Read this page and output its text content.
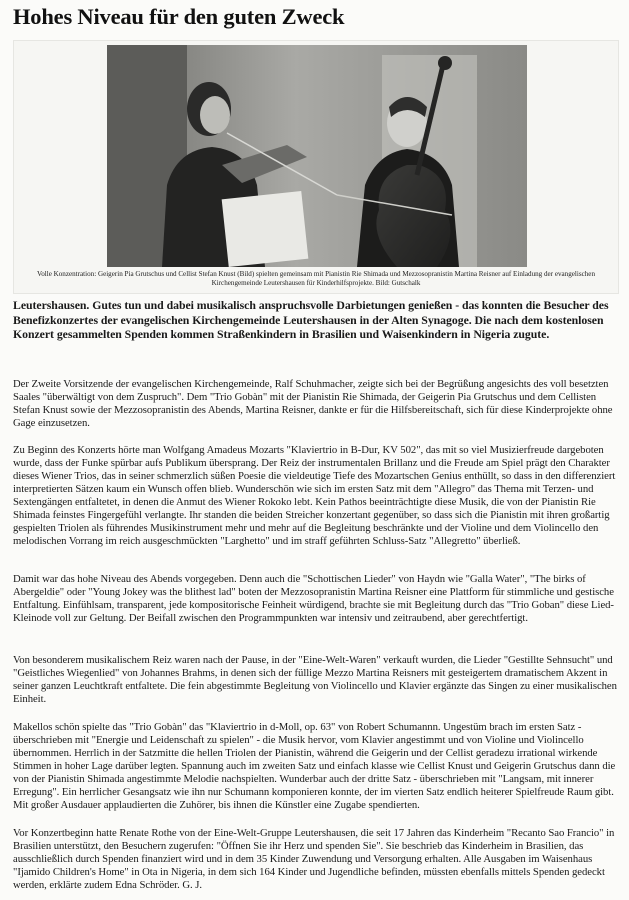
Hohes Niveau für den guten Zweck
Volle Konzentration: Geigerin Pia Grutschus und Cellist Stefan Knust (Bild) spielten gemeinsam mit Pianistin Rie Shimada und Mezzosopranistin Martina Reisner auf Einladung der evangelischen Kirchengemeinde Leutershausen für Kinderhilfsprojekte. Bild: Gutschalk

Leutershausen. Gutes tun und dabei musikalisch anspruchsvolle Darbietungen genießen - das konnten die Besucher des Benefizkonzertes der evangelischen Kirchengemeinde Leutershausen in der Alten Synagoge. Die nach dem kostenlosen Konzert gesammelten Spenden kommen Straßenkindern in Brasilien und Waisenkindern in Nigeria zugute.

Der Zweite Vorsitzende der evangelischen Kirchengemeinde, Ralf Schuhmacher, zeigte sich bei der Begrüßung angesichts des voll besetzten Saales "überwältigt von dem Zuspruch". Dem "Trio Gobàn" mit der Pianistin Rie Shimada, der Geigerin Pia Grutschus und dem Cellisten Stefan Knust sowie der Mezzosopranistin des Abends, Martina Reisner, dankte er für die Hilfsbereitschaft, sich für diese Kinderprojekte ohne Gage einzusetzen.

Zu Beginn des Konzerts hörte man Wolfgang Amadeus Mozarts "Klaviertrio in B-Dur, KV 502", das mit so viel Musizierfreude dargeboten wurde, dass der Funke spürbar aufs Publikum übersprang. Der Reiz der instrumentalen Brillanz und die Freude am Spiel prägt den Charakter dieses Wiener Trios, das in seiner schmerzlich süßen Poesie die vieldeutige Tiefe des Mozartschen Genius enthüllt, so dass in den differenziert interpretierten Sätzen kaum ein Wunsch offen blieb. Wunderschön wie sich im ersten Satz mit dem "Allegro" das Thema mit Terzen- und Sextengängen entfaltetet, in denen die Anmut des Wiener Rokoko lebt. Kein Pathos beeinträchtigte diese Musik, die von der Pianistin Rie Shimada feinstes Fingergefühl verlangte. Ihr standen die beiden Streicher konzertant gegenüber, so dass sich die Pianistin mit ihren großartig gespielten Triolen als führendes Musikinstrument mehr und mehr auf die Begleitung beschränkte und der Violine und dem Violincello den melodischen Vorrang im reich ausgeschmückten "Larghetto" und im straff geführten Schluss-Satz "Allegretto" überließ.

Damit war das hohe Niveau des Abends vorgegeben. Denn auch die "Schottischen Lieder" von Haydn wie "Galla Water", "The birks of Abergeldie" oder "Young Jokey was the blithest lad" boten der Mezzosopranistin Martina Reisner eine Plattform für stimmliche und gestische Entfaltung. Einfühlsam, transparent, jede kompositorische Feinheit würdigend, brachte sie mit Begleitung durch das "Trio Goban" diese Lied-Kleinode voll zur Geltung. Der Beifall zwischen den Programmpunkten war intensiv und zeitraubend, aber gerechtfertigt.

Von besonderem musikalischem Reiz waren nach der Pause, in der "Eine-Welt-Waren" verkauft wurden, die Lieder "Gestillte Sehnsucht" und "Geistliches Wiegenlied" von Johannes Brahms, in denen sich der füllige Mezzo Martina Reisners mit gesteigertem dramatischem Akzent in seiner ganzen Leuchtkraft entfaltete. Die fein abgestimmte Begleitung von Violincello und Klavier ergänzte das Singen zu einer musikalischen Einheit.

Makellos schön spielte das "Trio Gobàn" das "Klaviertrio in d-Moll, op. 63" von Robert Schumannn. Ungestüm brach im ersten Satz - überschrieben mit "Energie und Leidenschaft zu spielen" - die Musik hervor, vom Klavier angestimmt und von Violine und Violincello übernommen. Herrlich in der Satzmitte die hellen Triolen der Pianistin, während die Geigerin und der Cellist geradezu irrational wirkende Stimmen in hoher Lage darüber legten. Spannung auch im zweiten Satz und einfach klasse wie Cellist Knust und Geigerin Grutschus dann die von der Pianistin Shimada angestimmte Melodie nachspielten. Wunderbar auch der dritte Satz - überschrieben mit "Langsam, mit innerer Erregung". Ein herrlicher Gesangsatz wie ihn nur Schumann komponieren konnte, der im vierten Satz endlich heiterer Spielfreude Raum gibt. Mit großer Ausdauer applaudierten die Zuhörer, bis ihnen die Künstler eine Zugabe spendierten.

Vor Konzertbeginn hatte Renate Rothe von der Eine-Welt-Gruppe Leutershausen, die seit 17 Jahren das Kinderheim "Recanto Sao Francio" in Brasilien unterstützt, den Besuchern zugerufen: "Öffnen Sie ihr Herz und spenden Sie". Sie beschrieb das Kinderheim in Brasilien, das ausschließlich durch Spenden finanziert wird und in dem 35 Kinder Zuwendung und Versorgung erhalten. Alle Ausgaben im Waisenhaus "Ijamido Children's Home" in Ota in Nigeria, in dem sich 164 Kinder und Jugendliche befinden, müssten ebenfalls mittels Spenden gedeckt werden, erklärte zudem Edna Schröder. G. J.
